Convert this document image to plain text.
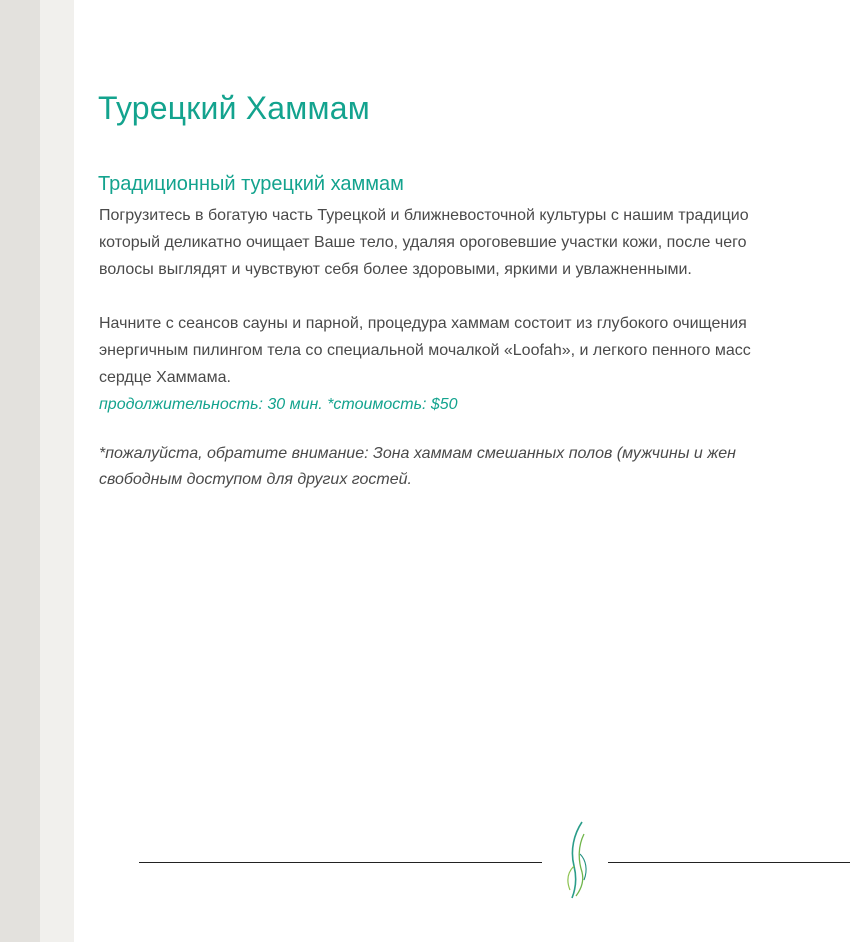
Турецкий Хаммам
Традиционный турецкий хаммам
Погрузитесь в богатую часть Турецкой и ближневосточной культуры с нашим традицио
который деликатно очищает Ваше тело, удаляя ороговевшие участки кожи, после чего
волосы выглядят и чувствуют себя более здоровыми, яркими и увлажненными.
Начните с сеансов сауны и парной, процедура хаммам состоит из глубокого очищения
энергичным пилингом тела со специальной мочалкой «Loofah», и легкого пенного масс
сердце Хаммама.
продолжительность: 30 мин. *стоимость: $50
*пожалуйста, обратите внимание: Зона хаммам смешанных полов (мужчины и жен
свободным доступом для других гостей.
